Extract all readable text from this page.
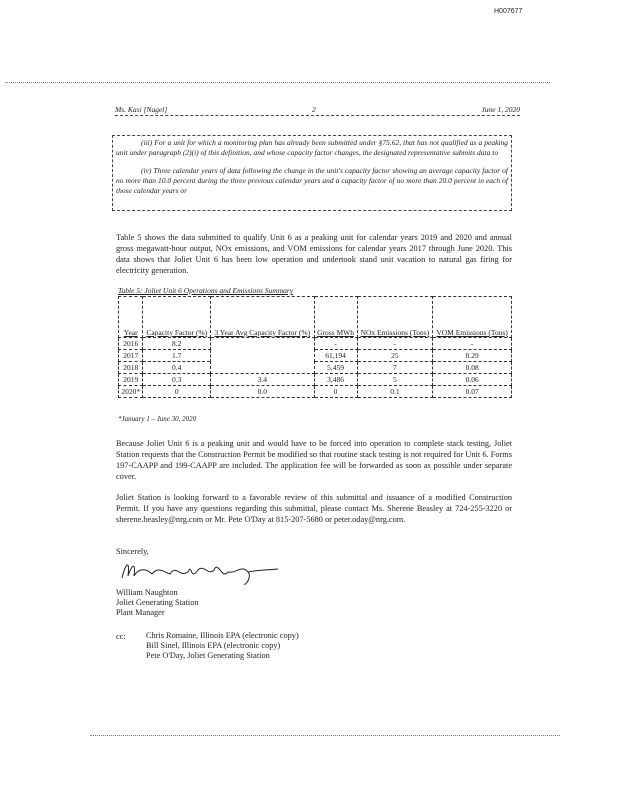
H007677
Ms. Kasi [Nagel]	2	June 1, 2020

(iii) For a unit for which a monitoring plan has already been submitted under §75.62, that has not qualified as a peaking unit under paragraph (2)(i) of this definition, and whose capacity factor changes, the designated representative submits data to

(iv) Three calendar years of data following the change in the unit's capacity factor showing an average capacity factor of no more than 10.0 percent during the three previous calendar years and a capacity factor of no more than 20.0 percent in each of those calendar years or

Table 5 shows the data submitted to qualify Unit 6 as a peaking unit for calendar years 2019 and 2020 and annual gross megawatt-hour output, NOx emissions, and VOM emissions for calendar years 2017 through June 2020. This data shows that Joliet Unit 6 has been low operation and undertook stand unit vacation to natural gas firing for electricity generation.

Table 5: Joliet Unit 6 Operations and Emissions Summary
Year	Capacity Factor (%)	3 Year Avg Capacity Factor (%)	Gross MWh	NOx Emissions (Tons)	VOM Emissions (Tons)
2016	8.2		-	-	-
2017	1.7		61,194	25	0.29
2018	0.4		5,459	7	0.08
2019	0.3	3.4	3,486	5	0.06
2020*	0	0.0	0	0.1	0.07
*January 1 – June 30, 2020

Because Joliet Unit 6 is a peaking unit and would have to be forced into operation to complete stack testing, Joliet Station requests that the Construction Permit be modified so that routine stack testing is not required for Unit 6. Forms 197-CAAPP and 199-CAAPP are included. The application fee will be forwarded as soon as possible under separate cover.

Joliet Station is looking forward to a favorable review of this submittal and issuance of a modified Construction Permit. If you have any questions regarding this submittal, please contact Ms. Sherene Beasley at 724-255-3220 or sherene.beasley@nrg.com or Mr. Pete O'Day at 815-207-5680 or peter.oday@nrg.com.

Sincerely,
William Naughton
Joliet Generating Station
Plant Manager
cc: Chris Romaine, Illinois EPA (electronic copy)
Bill Sinel, Illinois EPA (electronic copy)
Pete O'Day, Joliet Generating Station
